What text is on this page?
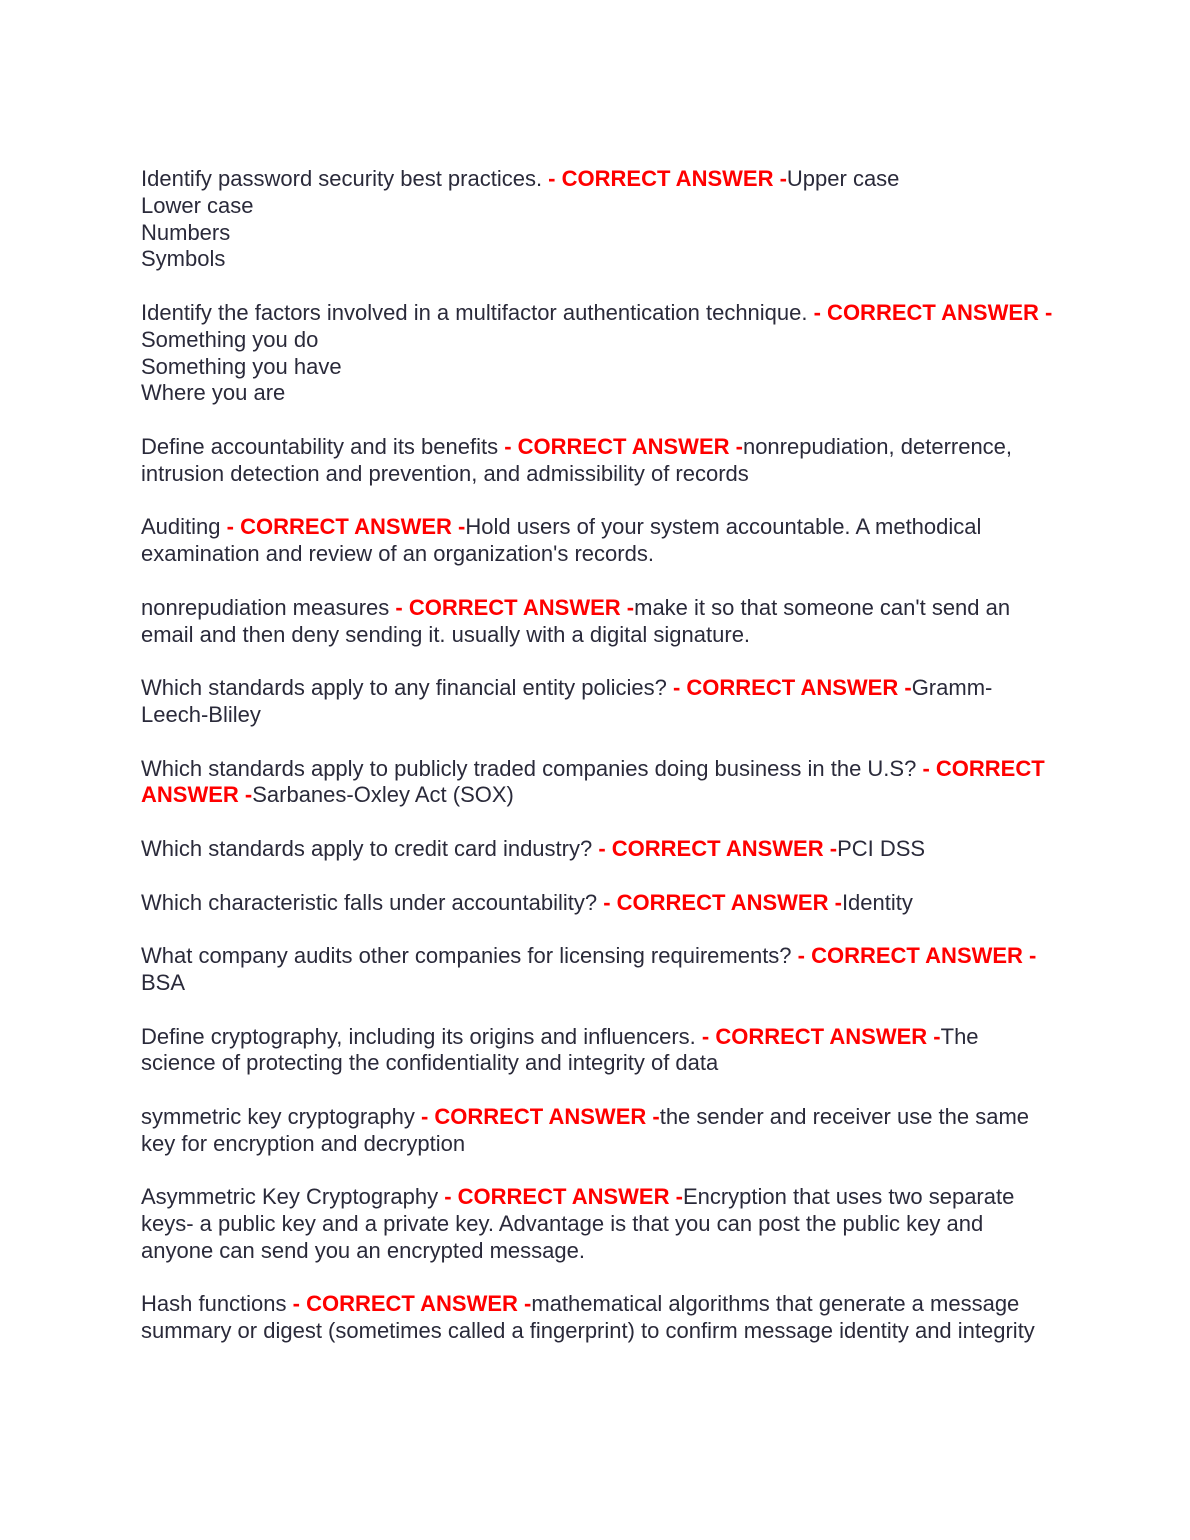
Identify password security best practices. - CORRECT ANSWER -Upper case
Lower case
Numbers
Symbols
Identify the factors involved in a multifactor authentication technique. - CORRECT ANSWER -Something you do
Something you have
Where you are
Define accountability and its benefits - CORRECT ANSWER -nonrepudiation, deterrence, intrusion detection and prevention, and admissibility of records
Auditing - CORRECT ANSWER -Hold users of your system accountable. A methodical examination and review of an organization's records.
nonrepudiation measures - CORRECT ANSWER -make it so that someone can't send an email and then deny sending it. usually with a digital signature.
Which standards apply to any financial entity policies? - CORRECT ANSWER -Gramm-Leech-Bliley
Which standards apply to publicly traded companies doing business in the U.S? - CORRECT ANSWER -Sarbanes-Oxley Act (SOX)
Which standards apply to credit card industry? - CORRECT ANSWER -PCI DSS
Which characteristic falls under accountability? - CORRECT ANSWER -Identity
What company audits other companies for licensing requirements? - CORRECT ANSWER -BSA
Define cryptography, including its origins and influencers. - CORRECT ANSWER -The science of protecting the confidentiality and integrity of data
symmetric key cryptography - CORRECT ANSWER -the sender and receiver use the same key for encryption and decryption
Asymmetric Key Cryptography - CORRECT ANSWER -Encryption that uses two separate keys- a public key and a private key. Advantage is that you can post the public key and anyone can send you an encrypted message.
Hash functions - CORRECT ANSWER -mathematical algorithms that generate a message summary or digest (sometimes called a fingerprint) to confirm message identity and integrity
